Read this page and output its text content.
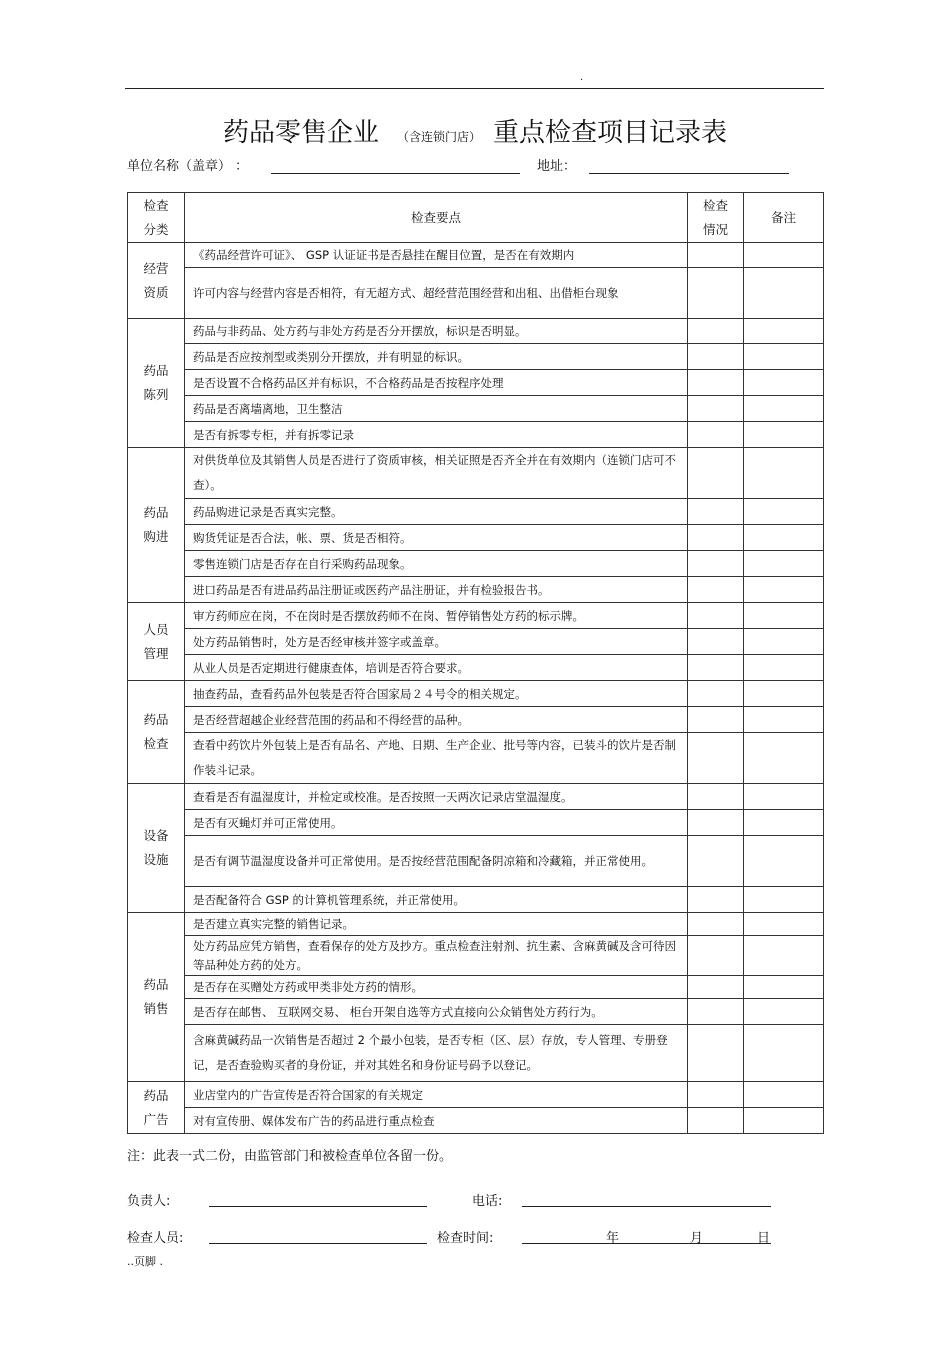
.
药品零售企业 （含连锁门店） 重点检查项目记录表
单位名称（盖章） ：	地址：
检查分类	检查要点	检查情况	备注

经营资质	《药品经营许可证》、 GSP 认证证书是否悬挂在醒目位置，是否在有效期内		
	许可内容与经营内容是否相符，有无超方式、超经营范围经营和出租、出借柜台现象		

药品陈列	药品与非药品、处方药与非处方药是否分开摆放，标识是否明显。		
	药品是否应按剂型或类别分开摆放，并有明显的标识。		
	是否设置不合格药品区并有标识，不合格药品是否按程序处理		
	药品是否离墙离地，卫生整洁		
	是否有拆零专柜，并有拆零记录		

药品购进	对供货单位及其销售人员是否进行了资质审核，相关证照是否齐全并在有效期内（连锁门店可不查）。		
	药品购进记录是否真实完整。		
	购货凭证是否合法，帐、票、货是否相符。		
	零售连锁门店是否存在自行采购药品现象。		
	进口药品是否有进品药品注册证或医药产品注册证，并有检验报告书。		

人员管理	审方药师应在岗，不在岗时是否摆放药师不在岗、暂停销售处方药的标示牌。		
	处方药品销售时，处方是否经审核并签字或盖章。		
	从业人员是否定期进行健康查体，培训是否符合要求。		

药品检查	抽查药品，查看药品外包装是否符合国家局２４号令的相关规定。		
	是否经营超越企业经营范围的药品和不得经营的品种。		
	查看中药饮片外包装上是否有品名、产地、日期、生产企业、批号等内容，已装斗的饮片是否制作装斗记录。		

设备设施	查看是否有温湿度计，并检定或校准。是否按照一天两次记录店堂温湿度。		
	是否有灭蝇灯并可正常使用。		
	是否有调节温湿度设备并可正常使用。是否按经营范围配备阴凉箱和冷藏箱，并正常使用。		
	是否配备符合 GSP 的计算机管理系统，并正常使用。		

药品销售	是否建立真实完整的销售记录。		
	处方药品应凭方销售，查看保存的处方及抄方。重点检查注射剂、抗生素、含麻黄碱及含可待因等品种处方药的处方。		
	是否存在买赠处方药或甲类非处方药的情形。		
	是否存在邮售、 互联网交易、 柜台开架自选等方式直接向公众销售处方药行为。		
	含麻黄碱药品一次销售是否超过 2 个最小包装，是否专柜（区、层）存放，专人管理、专册登记，是否查验购买者的身份证，并对其姓名和身份证号码予以登记。		

药品广告	业店堂内的广告宣传是否符合国家的有关规定		
	对有宣传册、媒体发布广告的药品进行重点检查		
注：此表一式二份，由监管部门和被检查单位各留一份。
负责人:	电话:
检查人员:	检查时间:	年	月	日
..页脚 .
